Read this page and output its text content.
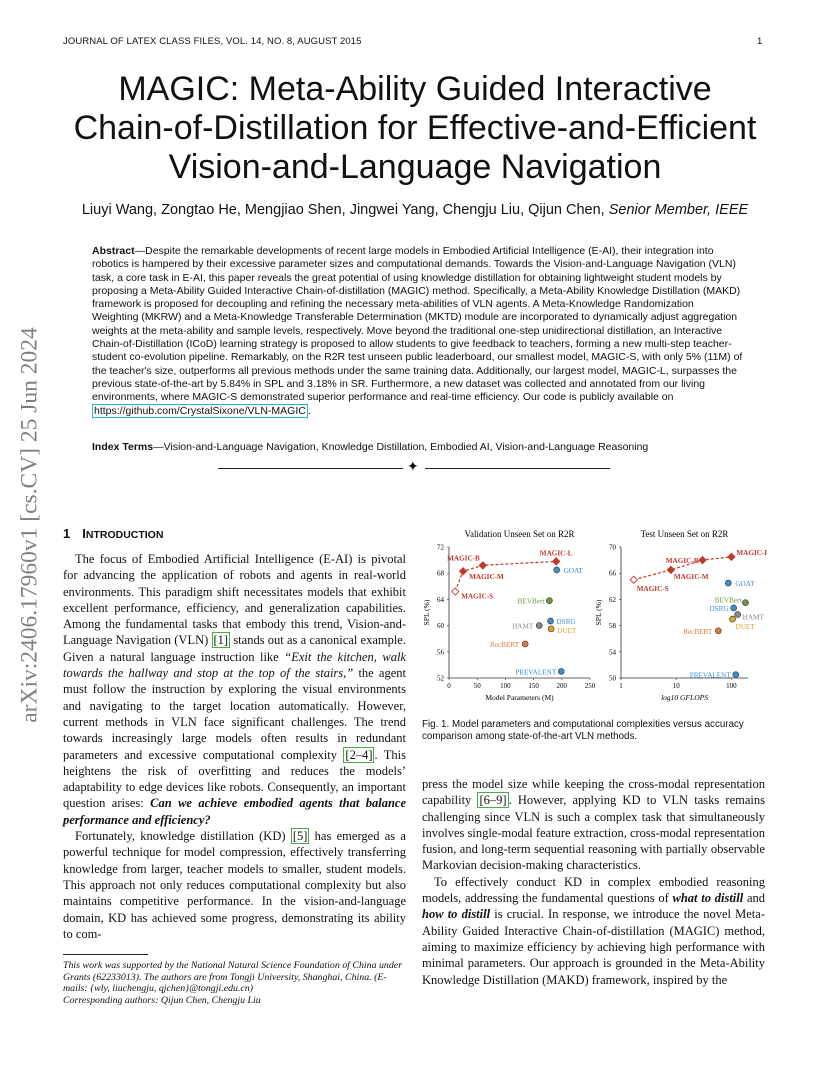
JOURNAL OF LATEX CLASS FILES, VOL. 14, NO. 8, AUGUST 2015	1
arXiv:2406.17960v1 [cs.CV] 25 Jun 2024
MAGIC: Meta-Ability Guided Interactive
Chain-of-Distillation for Effective-and-Efficient
Vision-and-Language Navigation
Liuyi Wang, Zongtao He, Mengjiao Shen, Jingwei Yang, Chengju Liu, Qijun Chen, Senior Member, IEEE
Abstract—Despite the remarkable developments of recent large models in Embodied Artificial Intelligence (E-AI), their integration into robotics is hampered by their excessive parameter sizes and computational demands. Towards the Vision-and-Language Navigation (VLN) task, a core task in E-AI, this paper reveals the great potential of using knowledge distillation for obtaining lightweight student models by proposing a Meta-Ability Guided Interactive Chain-of-distillation (MAGIC) method. Specifically, a Meta-Ability Knowledge Distillation (MAKD) framework is proposed for decoupling and refining the necessary meta-abilities of VLN agents. A Meta-Knowledge Randomization Weighting (MKRW) and a Meta-Knowledge Transferable Determination (MKTD) module are incorporated to dynamically adjust aggregation weights at the meta-ability and sample levels, respectively. Move beyond the traditional one-step unidirectional distillation, an Interactive Chain-of-Distillation (ICoD) learning strategy is proposed to allow students to give feedback to teachers, forming a new multi-step teacher-student co-evolution pipeline. Remarkably, on the R2R test unseen public leaderboard, our smallest model, MAGIC-S, with only 5% (11M) of the teacher's size, outperforms all previous methods under the same training data. Additionally, our largest model, MAGIC-L, surpasses the previous state-of-the-art by 5.84% in SPL and 3.18% in SR. Furthermore, a new dataset was collected and annotated from our living environments, where MAGIC-S demonstrated superior performance and real-time efficiency. Our code is publicly available on https://github.com/CrystalSixone/VLN-MAGIC .
Index Terms—Vision-and-Language Navigation, Knowledge Distillation, Embodied AI, Vision-and-Language Reasoning
✦
1 INTRODUCTION

The focus of Embodied Artificial Intelligence (E-AI) is pivotal for advancing the application of robots and agents in real-world environments. This paradigm shift necessitates models that exhibit excellent performance, efficiency, and generalization capabilities. Among the fundamental tasks that embody this trend, Vision-and-Language Navigation (VLN) [1] stands out as a canonical example. Given a natural language instruction like “Exit the kitchen, walk towards the hallway and stop at the top of the stairs,” the agent must follow the instruction by exploring the visual environments and navigating to the target location automatically. However, current methods in VLN face significant challenges. The trend towards increasingly large models often results in redundant parameters and excessive computational complexity [2–4] . This heightens the risk of overfitting and reduces the models’ adaptability to edge devices like robots. Consequently, an important question arises: Can we achieve embodied agents that balance performance and efficiency?

Fortunately, knowledge distillation (KD) [5] has emerged as a powerful technique for model compression, effectively transferring knowledge from larger, teacher models to smaller, student models. This approach not only reduces computational complexity but also maintains competitive performance. In the vision-and-language domain, KD has achieved some progress, demonstrating its ability to com-

This work was supported by the National Natural Science Foundation of China under Grants (62233013). The authors are from Tongji University, Shanghai, China. (E-mails: {wly, liuchengju, qjchen}@tongji.edu.cn)
Corresponding authors: Qijun Chen, Chengju Liu
Validation Unseen Set on R2R
52
56
60
64
68
72
0	50	100	150	200	250
Model Parameters (M)
SPL (%)
MAGIC-S
MAGIC-M
MAGIC-B
MAGIC-L
GOAT
BEVBert
DSRG
HAMT
DUET
RecBERT
PREVALENT
Test Unseen Set on R2R
50
54
58
62
66
70
1	10	100
log10 GFLOPS
SPL (%)
MAGIC-S
MAGIC-M
MAGIC-B
MAGIC-L
GOAT
BEVBert
DSRG
HAMT
DUET
RecBERT
PREVALENT
Fig. 1. Model parameters and computational complexities versus accuracy comparison among state-of-the-art VLN methods.

press the model size while keeping the cross-modal representation capability [6–9] . However, applying KD to VLN tasks remains challenging since VLN is such a complex task that simultaneously involves single-modal feature extraction, cross-modal representation fusion, and long-term sequential reasoning with partially observable Markovian decision-making characteristics.

To effectively conduct KD in complex embodied reasoning models, addressing the fundamental questions of what to distill and how to distill is crucial. In response, we introduce the novel Meta-Ability Guided Interactive Chain-of-distillation (MAGIC) method, aiming to maximize efficiency by achieving high performance with minimal parameters. Our approach is grounded in the Meta-Ability Knowledge Distillation (MAKD) framework, inspired by the
